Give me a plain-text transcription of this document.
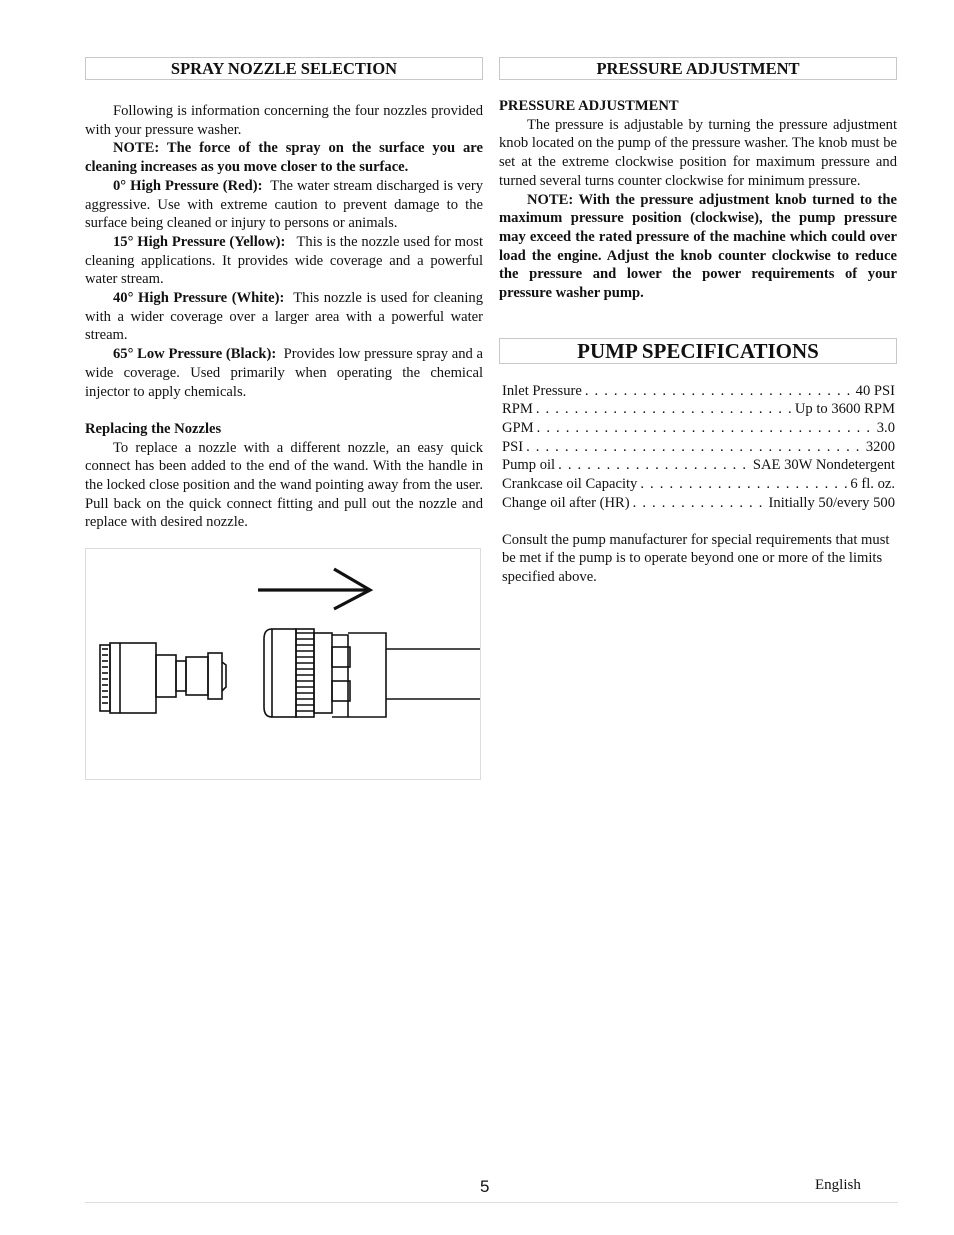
SPRAY NOZZLE SELECTION

Following is information concerning the four nozzles provided with your pressure washer.

NOTE: The force of the spray on the surface you are cleaning increases as you move closer to the surface.

0° High Pressure (Red): The water stream discharged is very aggressive. Use with extreme caution to prevent damage to the surface being cleaned or injury to persons or animals.

15° High Pressure (Yellow): This is the nozzle used for most cleaning applications. It provides wide coverage and a powerful water stream.

40° High Pressure (White): This nozzle is used for cleaning with a wider coverage over a larger area with a powerful water stream.

65° Low Pressure (Black): Provides low pressure spray and a wide coverage. Used primarily when operating the chemical injector to apply chemicals.

Replacing the Nozzles

To replace a nozzle with a different nozzle, an easy quick connect has been added to the end of the wand. With the handle in the locked close position and the wand pointing away from the user. Pull back on the quick connect fitting and pull out the nozzle and replace with desired nozzle.

PRESSURE ADJUSTMENT

PRESSURE ADJUSTMENT

The pressure is adjustable by turning the pressure adjustment knob located on the pump of the pressure washer. The knob must be set at the extreme clockwise position for maximum pressure and turned several turns counter clockwise for minimum pressure.

NOTE: With the pressure adjustment knob turned to the maximum pressure position (clockwise), the pump pressure may exceed the rated pressure of the machine which could over load the engine. Adjust the knob counter clockwise to reduce the pressure and lower the power requirements of your pressure washer pump.

PUMP SPECIFICATIONS
Inlet Pressure . . .	40 PSI
RPM . . .	Up to 3600 RPM
GPM . . .	3.0
PSI . . .	3200
Pump oil . . .	SAE 30W Nondetergent
Crankcase oil Capacity . . .	6 fl. oz.
Change oil after (HR) . . .	Initially 50/every 500

Consult the pump manufacturer for special requirements that must be met if the pump is to operate beyond one or more of the limits specified above.

5	English
